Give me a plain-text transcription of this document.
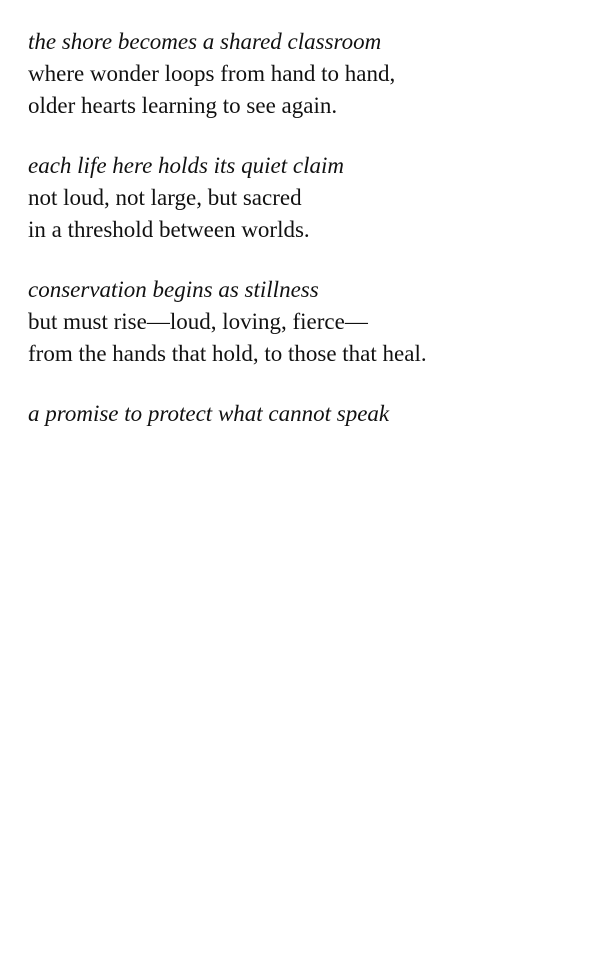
the shore becomes a shared classroom
where wonder loops from hand to hand,
older hearts learning to see again.
each life here holds its quiet claim
not loud, not large, but sacred
in a threshold between worlds.
conservation begins as stillness
but must rise—loud, loving, fierce—
from the hands that hold, to those that heal.
a promise to protect what cannot speak
